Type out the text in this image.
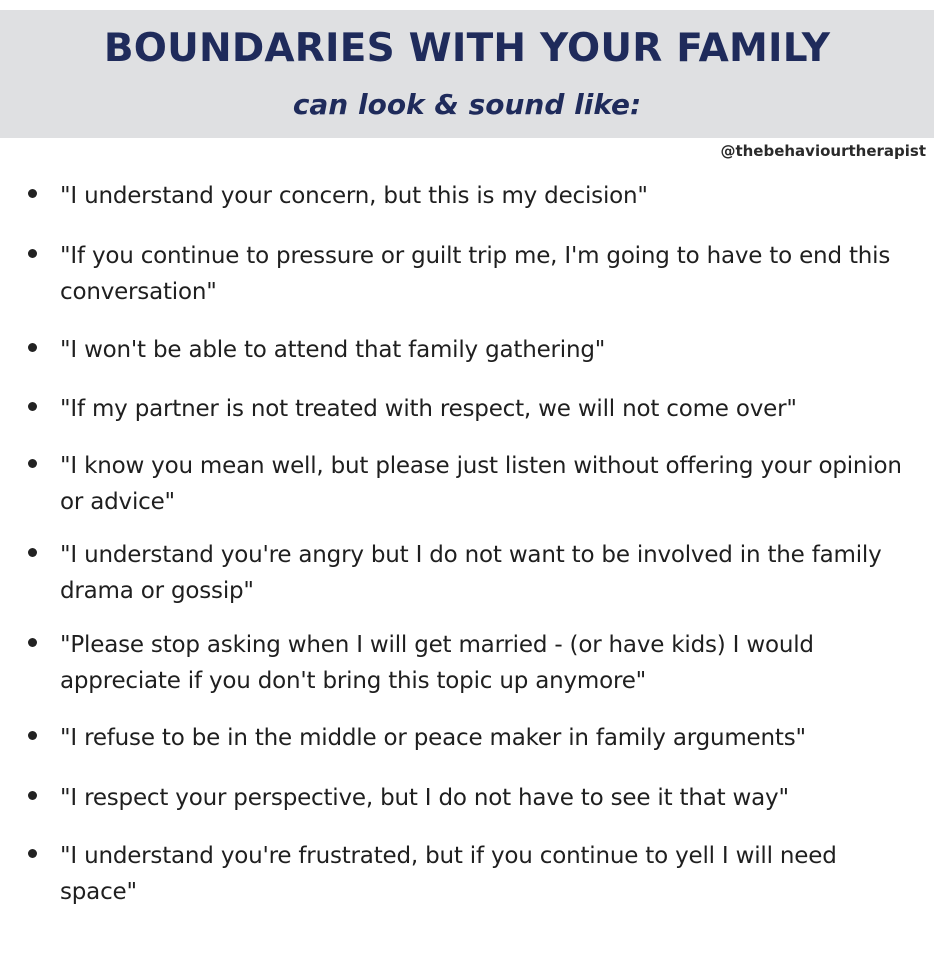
BOUNDARIES WITH YOUR FAMILY
can look & sound like:
@thebehaviourtherapist
"I understand your concern, but this is my decision"
"If you continue to pressure or guilt trip me, I'm going to have to end this conversation"
"I won't be able to attend that family gathering"
"If my partner is not treated with respect, we will not come over"
"I know you mean well, but please just listen without offering your opinion or advice"
"I understand you're angry but I do not want to be involved in the family drama or gossip"
"Please stop asking when I will get married - (or have kids) I would appreciate if you don't bring this topic up anymore"
"I refuse to be in the middle or peace maker in family arguments"
"I respect your perspective, but I do not have to see it that way"
"I understand you're frustrated, but if you continue to yell I will need space"
